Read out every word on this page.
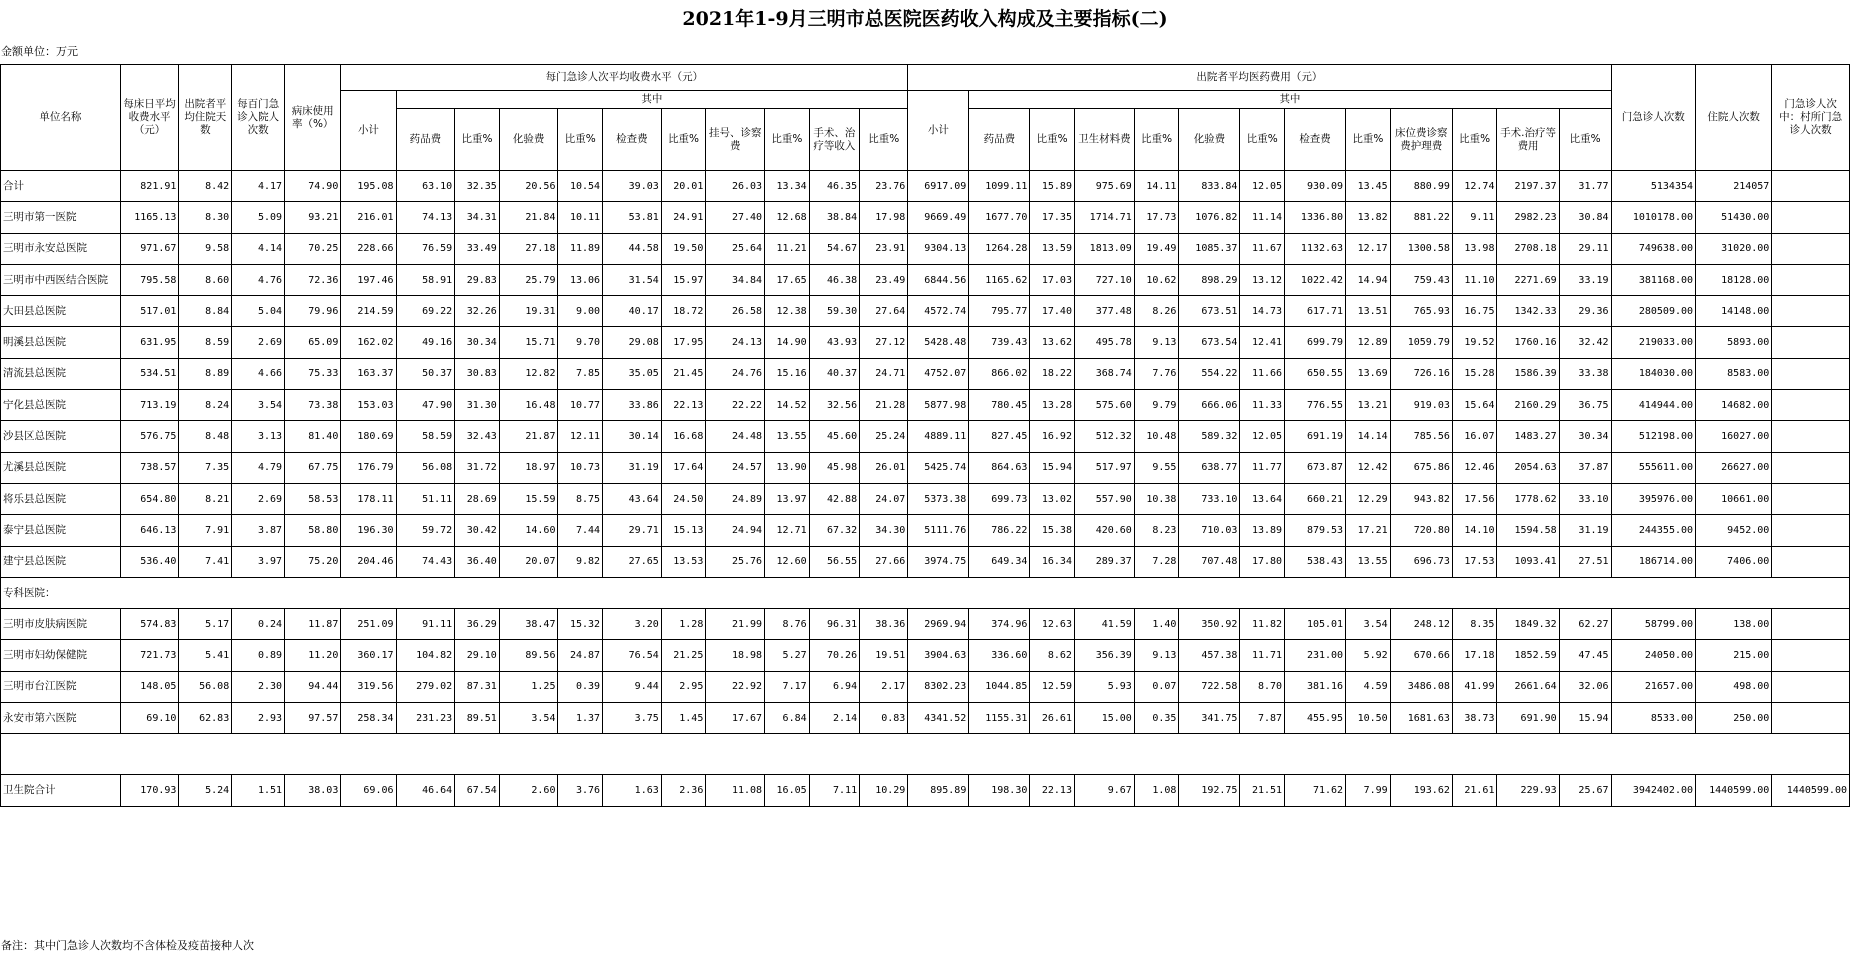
2021年1-9月三明市总医院医药收入构成及主要指标(二)
金额单位：万元
单位名称	每床日平均收费水平（元）	出院者平均住院天数	每百门急诊入院人次数	病床使用率（%）	每门急诊人次平均收费水平（元）											出院者平均医药费用（元）													门急诊人次数	住院人次数	门急诊人次中：村所门急诊人次数
					小计	其中										小计	其中														
						药品费	比重%	化验费	比重%	检查费	比重%	挂号、诊察费	比重%	手术、治疗等收入	比重%		药品费	比重%	卫生材料费	比重%	化验费	比重%	检查费	比重%	床位费诊察费护理费	比重%	手术.治疗等费用	比重%			
合计	821.91	8.42	4.17	74.90	195.08	63.10	32.35	20.56	10.54	39.03	20.01	26.03	13.34	46.35	23.76	6917.09	1099.11	15.89	975.69	14.11	833.84	12.05	930.09	13.45	880.99	12.74	2197.37	31.77	5134354	214057	
三明市第一医院	1165.13	8.30	5.09	93.21	216.01	74.13	34.31	21.84	10.11	53.81	24.91	27.40	12.68	38.84	17.98	9669.49	1677.70	17.35	1714.71	17.73	1076.82	11.14	1336.80	13.82	881.22	9.11	2982.23	30.84	1010178.00	51430.00	
三明市永安总医院	971.67	9.58	4.14	70.25	228.66	76.59	33.49	27.18	11.89	44.58	19.50	25.64	11.21	54.67	23.91	9304.13	1264.28	13.59	1813.09	19.49	1085.37	11.67	1132.63	12.17	1300.58	13.98	2708.18	29.11	749638.00	31020.00	
三明市中西医结合医院	795.58	8.60	4.76	72.36	197.46	58.91	29.83	25.79	13.06	31.54	15.97	34.84	17.65	46.38	23.49	6844.56	1165.62	17.03	727.10	10.62	898.29	13.12	1022.42	14.94	759.43	11.10	2271.69	33.19	381168.00	18128.00	
大田县总医院	517.01	8.84	5.04	79.96	214.59	69.22	32.26	19.31	9.00	40.17	18.72	26.58	12.38	59.30	27.64	4572.74	795.77	17.40	377.48	8.26	673.51	14.73	617.71	13.51	765.93	16.75	1342.33	29.36	280509.00	14148.00	
明溪县总医院	631.95	8.59	2.69	65.09	162.02	49.16	30.34	15.71	9.70	29.08	17.95	24.13	14.90	43.93	27.12	5428.48	739.43	13.62	495.78	9.13	673.54	12.41	699.79	12.89	1059.79	19.52	1760.16	32.42	219033.00	5893.00	
清流县总医院	534.51	8.89	4.66	75.33	163.37	50.37	30.83	12.82	7.85	35.05	21.45	24.76	15.16	40.37	24.71	4752.07	866.02	18.22	368.74	7.76	554.22	11.66	650.55	13.69	726.16	15.28	1586.39	33.38	184030.00	8583.00	
宁化县总医院	713.19	8.24	3.54	73.38	153.03	47.90	31.30	16.48	10.77	33.86	22.13	22.22	14.52	32.56	21.28	5877.98	780.45	13.28	575.60	9.79	666.06	11.33	776.55	13.21	919.03	15.64	2160.29	36.75	414944.00	14682.00	
沙县区总医院	576.75	8.48	3.13	81.40	180.69	58.59	32.43	21.87	12.11	30.14	16.68	24.48	13.55	45.60	25.24	4889.11	827.45	16.92	512.32	10.48	589.32	12.05	691.19	14.14	785.56	16.07	1483.27	30.34	512198.00	16027.00	
尤溪县总医院	738.57	7.35	4.79	67.75	176.79	56.08	31.72	18.97	10.73	31.19	17.64	24.57	13.90	45.98	26.01	5425.74	864.63	15.94	517.97	9.55	638.77	11.77	673.87	12.42	675.86	12.46	2054.63	37.87	555611.00	26627.00	
将乐县总医院	654.80	8.21	2.69	58.53	178.11	51.11	28.69	15.59	8.75	43.64	24.50	24.89	13.97	42.88	24.07	5373.38	699.73	13.02	557.90	10.38	733.10	13.64	660.21	12.29	943.82	17.56	1778.62	33.10	395976.00	10661.00	
泰宁县总医院	646.13	7.91	3.87	58.80	196.30	59.72	30.42	14.60	7.44	29.71	15.13	24.94	12.71	67.32	34.30	5111.76	786.22	15.38	420.60	8.23	710.03	13.89	879.53	17.21	720.80	14.10	1594.58	31.19	244355.00	9452.00	
建宁县总医院	536.40	7.41	3.97	75.20	204.46	74.43	36.40	20.07	9.82	27.65	13.53	25.76	12.60	56.55	27.66	3974.75	649.34	16.34	289.37	7.28	707.48	17.80	538.43	13.55	696.73	17.53	1093.41	27.51	186714.00	7406.00	
专科医院：																															
三明市皮肤病医院	574.83	5.17	0.24	11.87	251.09	91.11	36.29	38.47	15.32	3.20	1.28	21.99	8.76	96.31	38.36	2969.94	374.96	12.63	41.59	1.40	350.92	11.82	105.01	3.54	248.12	8.35	1849.32	62.27	58799.00	138.00	
三明市妇幼保健院	721.73	5.41	0.89	11.20	360.17	104.82	29.10	89.56	24.87	76.54	21.25	18.98	5.27	70.26	19.51	3904.63	336.60	8.62	356.39	9.13	457.38	11.71	231.00	5.92	670.66	17.18	1852.59	47.45	24050.00	215.00	
三明市台江医院	148.05	56.08	2.30	94.44	319.56	279.02	87.31	1.25	0.39	9.44	2.95	22.92	7.17	6.94	2.17	8302.23	1044.85	12.59	5.93	0.07	722.58	8.70	381.16	4.59	3486.08	41.99	2661.64	32.06	21657.00	498.00	
永安市第六医院	69.10	62.83	2.93	97.57	258.34	231.23	89.51	3.54	1.37	3.75	1.45	17.67	6.84	2.14	0.83	4341.52	1155.31	26.61	15.00	0.35	341.75	7.87	455.95	10.50	1681.63	38.73	691.90	15.94	8533.00	250.00	

卫生院合计	170.93	5.24	1.51	38.03	69.06	46.64	67.54	2.60	3.76	1.63	2.36	11.08	16.05	7.11	10.29	895.89	198.30	22.13	9.67	1.08	192.75	21.51	71.62	7.99	193.62	21.61	229.93	25.67	3942402.00	1440599.00	1440599.00
备注：其中门急诊人次数均不含体检及疫苗接种人次
